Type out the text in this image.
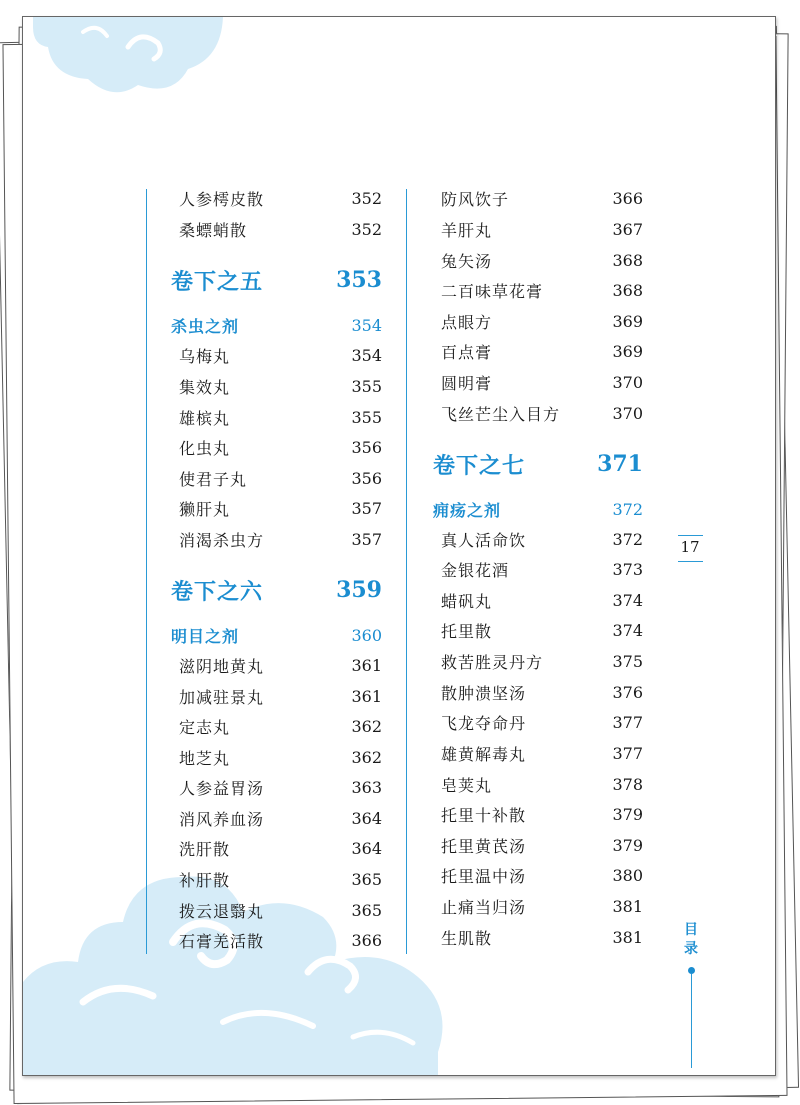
人参樗皮散	352
桑螵蛸散	352
卷下之五	353
杀虫之剂	354
乌梅丸	354
集效丸	355
雄槟丸	355
化虫丸	356
使君子丸	356
獭肝丸	357
消渴杀虫方	357
卷下之六	359
明目之剂	360
滋阴地黄丸	361
加减驻景丸	361
定志丸	362
地芝丸	362
人参益胃汤	363
消风养血汤	364
洗肝散	364
补肝散	365
拨云退翳丸	365
石膏羌活散	366
防风饮子	366
羊肝丸	367
兔矢汤	368
二百味草花膏	368
点眼方	369
百点膏	369
圆明膏	370
飞丝芒尘入目方	370
卷下之七	371
痈疡之剂	372
真人活命饮	372
金银花酒	373
蜡矾丸	374
托里散	374
救苦胜灵丹方	375
散肿溃坚汤	376
飞龙夺命丹	377
雄黄解毒丸	377
皂荚丸	378
托里十补散	379
托里黄芪汤	379
托里温中汤	380
止痛当归汤	381
生肌散	381
17
目
录
